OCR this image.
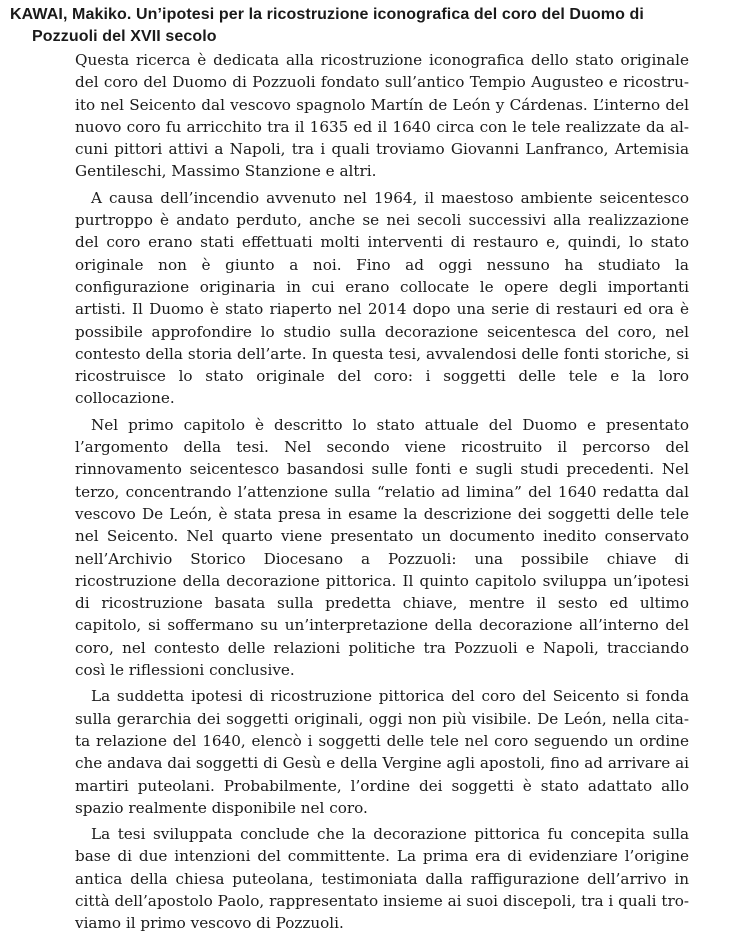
KAWAI, Makiko. Un’ipotesi per la ricostruzione iconografica del coro del Duomo di
Pozzuoli del XVII secolo

Questa ricerca è dedicata alla ricostruzione iconografica dello stato originale del coro del Duomo di Pozzuoli fondato sull’antico Tempio Augusteo e ricostruito nel Seicento dal vescovo spagnolo Martín de León y Cárdenas. L’interno del nuovo coro fu arricchito tra il 1635 ed il 1640 circa con le tele realizzate da alcuni pittori attivi a Napoli, tra i quali troviamo Giovanni Lanfranco, Artemisia Gentileschi, Massimo Stanzione e altri.

A causa dell’incendio avvenuto nel 1964, il maestoso ambiente seicentesco purtroppo è andato perduto, anche se nei secoli successivi alla realizzazione del coro erano stati effettuati molti interventi di restauro e, quindi, lo stato originale non è giunto a noi. Fino ad oggi nessuno ha studiato la configurazione originaria in cui erano collocate le opere degli importanti artisti. Il Duomo è stato riaperto nel 2014 dopo una serie di restauri ed ora è possibile approfondire lo studio sulla decorazione seicentesca del coro, nel contesto della storia dell’arte. In questa tesi, avvalendosi delle fonti storiche, si ricostruisce lo stato originale del coro: i soggetti delle tele e la loro collocazione.

Nel primo capitolo è descritto lo stato attuale del Duomo e presentato l’argomento della tesi. Nel secondo viene ricostruito il percorso del rinnovamento seicentesco basandosi sulle fonti e sugli studi precedenti. Nel terzo, concentrando l’attenzione sulla “relatio ad limina” del 1640 redatta dal vescovo De León, è stata presa in esame la descrizione dei soggetti delle tele nel Seicento. Nel quarto viene presentato un documento inedito conservato nell’Archivio Storico Diocesano a Pozzuoli: una possibile chiave di ricostruzione della decorazione pittorica. Il quinto capitolo sviluppa un’ipotesi di ricostruzione basata sulla predetta chiave, mentre il sesto ed ultimo capitolo, si soffermano su un’interpretazione della decorazione all’interno del coro, nel contesto delle relazioni politiche tra Pozzuoli e Napoli, tracciando così le riflessioni conclusive.

La suddetta ipotesi di ricostruzione pittorica del coro del Seicento si fonda sulla gerarchia dei soggetti originali, oggi non più visibile. De León, nella citata relazione del 1640, elencò i soggetti delle tele nel coro seguendo un ordine che andava dai soggetti di Gesù e della Vergine agli apostoli, fino ad arrivare ai martiri puteolani. Probabilmente, l’ordine dei soggetti è stato adattato allo spazio realmente disponibile nel coro.

La tesi sviluppata conclude che la decorazione pittorica fu concepita sulla base di due intenzioni del committente. La prima era di evidenziare l’origine antica della chiesa puteolana, testimoniata dalla raffigurazione dell’arrivo in città dell’apostolo Paolo, rappresentato insieme ai suoi discepoli, tra i quali troviamo il primo vescovo di Pozzuoli.
